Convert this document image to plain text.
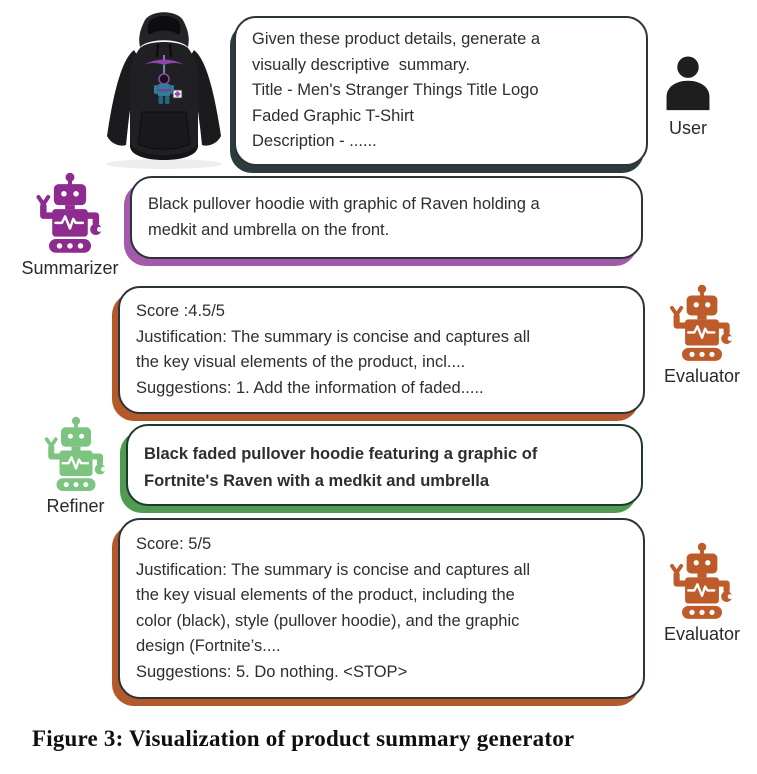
Given these product details, generate a
visually descriptive  summary.
Title - Men's Stranger Things Title Logo
Faded Graphic T-Shirt
Description - ......
User
Summarizer
Black pullover hoodie with graphic of Raven holding a
medkit and umbrella on the front.
Score :4.5/5
Justification: The summary is concise and captures all
the key visual elements of the product, incl....
Suggestions: 1. Add the information of faded.....
Evaluator
Refiner
Black faded pullover hoodie featuring a graphic of
Fortnite's Raven with a medkit and umbrella
Score: 5/5
Justification: The summary is concise and captures all
the key visual elements of the product, including the
color (black), style (pullover hoodie), and the graphic
design (Fortnite’s....
Suggestions: 5. Do nothing. <STOP>
Evaluator
Figure 3: Visualization of product summary generator
